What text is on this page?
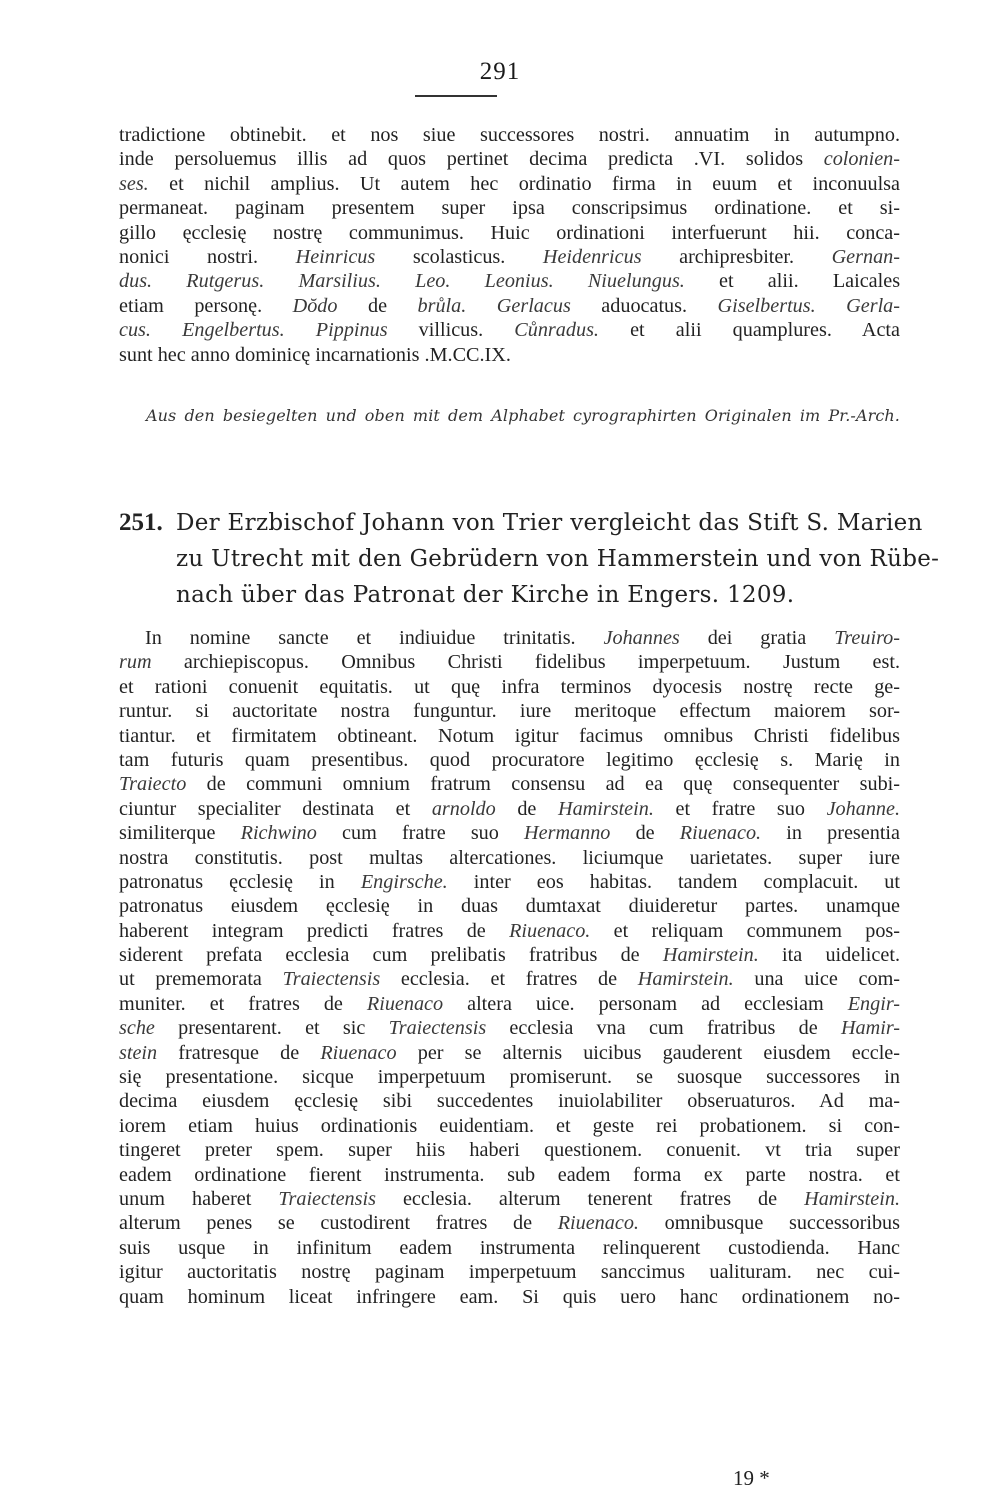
291
tradictione obtinebit. et nos siue successores nostri. annuatim in autumpno.
inde persoluemus illis ad quos pertinet decima predicta .VI. solidos colonien-
ses. et nichil amplius. Ut autem hec ordinatio firma in euum et inconuulsa
permaneat. paginam presentem super ipsa conscripsimus ordinatione. et si-
gillo ęcclesię nostrę communimus. Huic ordinationi interfuerunt hii. conca-
nonici nostri. Heinricus scolasticus. Heidenricus archipresbiter. Gernan-
dus. Rutgerus. Marsilius. Leo. Leonius. Niuelungus. et alii. Laicales
etiam personę. Dŏdo de brůla. Gerlacus aduocatus. Giselbertus. Gerla-
cus. Engelbertus. Pippinus villicus. Cůnradus. et alii quamplures. Acta
sunt hec anno dominicę incarnationis .M.CC.IX.
Aus den besiegelten und oben mit dem Alphabet cyrographirten Originalen im Pr.-Arch.
251. Der Erzbischof Johann von Trier vergleicht das Stift S. Marien
zu Utrecht mit den Gebrüdern von Hammerstein und von Rübe-
nach über das Patronat der Kirche in Engers. 1209.
In nomine sancte et indiuidue trinitatis. Johannes dei gratia Treuiro-
rum archiepiscopus. Omnibus Christi fidelibus imperpetuum. Justum est.
et rationi conuenit equitatis. ut quę infra terminos dyocesis nostrę recte ge-
runtur. si auctoritate nostra funguntur. iure meritoque effectum maiorem sor-
tiantur. et firmitatem obtineant. Notum igitur facimus omnibus Christi fidelibus
tam futuris quam presentibus. quod procuratore legitimo ęcclesię s. Marię in
Traiecto de communi omnium fratrum consensu ad ea quę consequenter subi-
ciuntur specialiter destinata et arnoldo de Hamirstein. et fratre suo Johanne.
similiterque Richwino cum fratre suo Hermanno de Riuenaco. in presentia
nostra constitutis. post multas altercationes. liciumque uarietates. super iure
patronatus ęcclesię in Engirsche. inter eos habitas. tandem complacuit. ut
patronatus eiusdem ęcclesię in duas dumtaxat diuideretur partes. unamque
haberent integram predicti fratres de Riuenaco. et reliquam communem pos-
siderent prefata ecclesia cum prelibatis fratribus de Hamirstein. ita uidelicet.
ut prememorata Traiectensis ecclesia. et fratres de Hamirstein. una uice com-
muniter. et fratres de Riuenaco altera uice. personam ad ecclesiam Engir-
sche presentarent. et sic Traiectensis ecclesia vna cum fratribus de Hamir-
stein fratresque de Riuenaco per se alternis uicibus gauderent eiusdem eccle-
się presentatione. sicque imperpetuum promiserunt. se suosque successores in
decima eiusdem ęcclesię sibi succedentes inuiolabiliter obseruaturos. Ad ma-
iorem etiam huius ordinationis euidentiam. et geste rei probationem. si con-
tingeret preter spem. super hiis haberi questionem. conuenit. vt tria super
eadem ordinatione fierent instrumenta. sub eadem forma ex parte nostra. et
unum haberet Traiectensis ecclesia. alterum tenerent fratres de Hamirstein.
alterum penes se custodirent fratres de Riuenaco. omnibusque successoribus
suis usque in infinitum eadem instrumenta relinquerent custodienda. Hanc
igitur auctoritatis nostrę paginam imperpetuum sanccimus ualituram. nec cui-
quam hominum liceat infringere eam. Si quis uero hanc ordinationem no-
19 *
